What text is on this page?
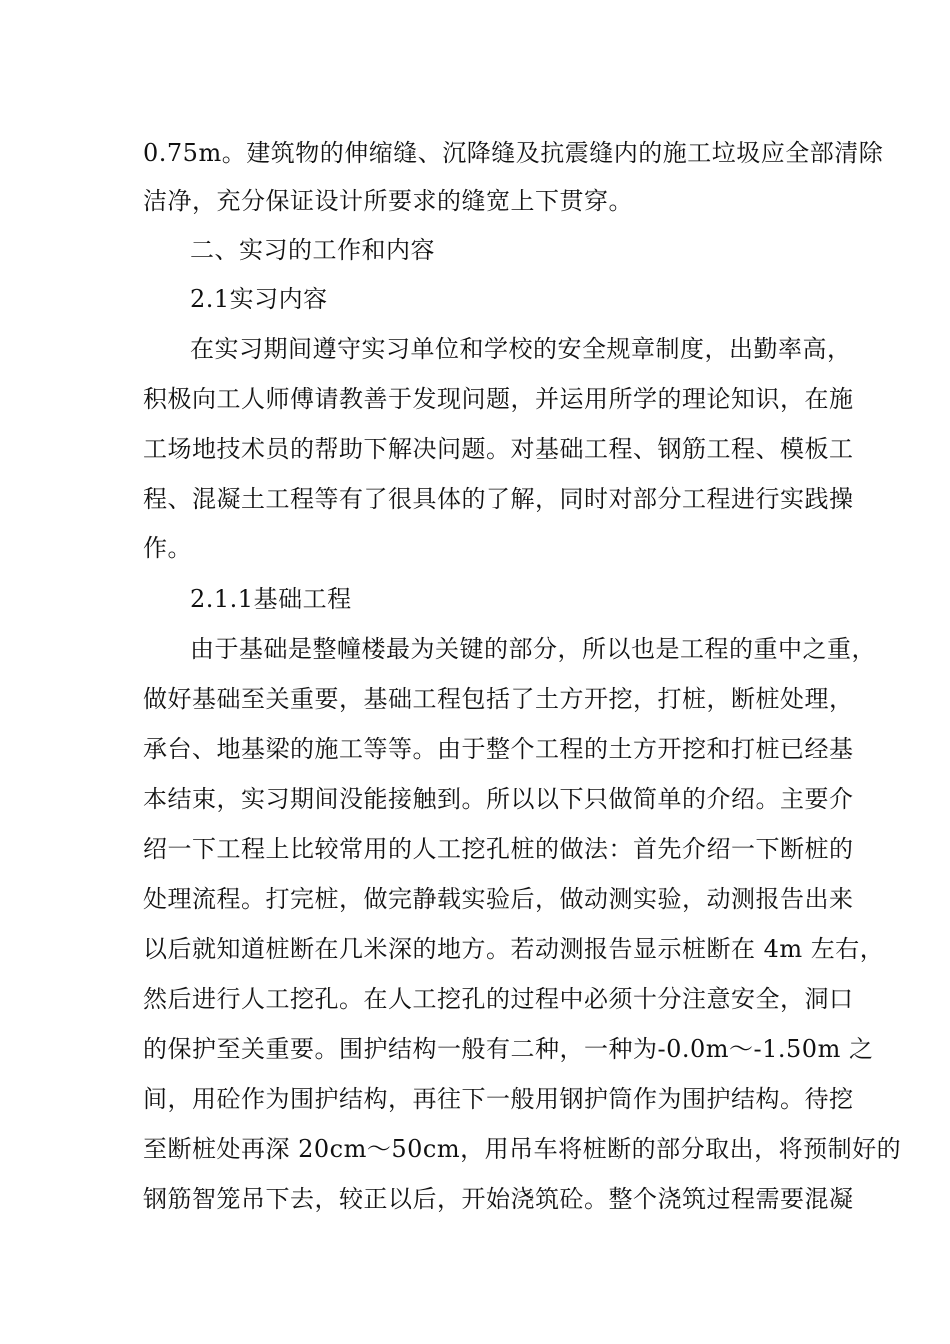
0.75m。建筑物的伸缩缝、沉降缝及抗震缝内的施工垃圾应全部清除
洁净，充分保证设计所要求的缝宽上下贯穿。
二、实习的工作和内容
2.1实习内容
在实习期间遵守实习单位和学校的安全规章制度，出勤率高，
积极向工人师傅请教善于发现问题，并运用所学的理论知识，在施
工场地技术员的帮助下解决问题。对基础工程、钢筋工程、模板工
程、混凝土工程等有了很具体的了解，同时对部分工程进行实践操
作。
2.1.1基础工程
由于基础是整幢楼最为关键的部分，所以也是工程的重中之重，
做好基础至关重要，基础工程包括了土方开挖，打桩，断桩处理，
承台、地基梁的施工等等。由于整个工程的土方开挖和打桩已经基
本结束，实习期间没能接触到。所以以下只做简单的介绍。主要介
绍一下工程上比较常用的人工挖孔桩的做法：首先介绍一下断桩的
处理流程。打完桩，做完静载实验后，做动测实验，动测报告出来
以后就知道桩断在几米深的地方。若动测报告显示桩断在 4m 左右，
然后进行人工挖孔。在人工挖孔的过程中必须十分注意安全，洞口
的保护至关重要。围护结构一般有二种，一种为-0.0m～-1.50m 之
间，用砼作为围护结构，再往下一般用钢护筒作为围护结构。待挖
至断桩处再深 20cm～50cm，用吊车将桩断的部分取出，将预制好的
钢筋智笼吊下去，较正以后，开始浇筑砼。整个浇筑过程需要混凝
